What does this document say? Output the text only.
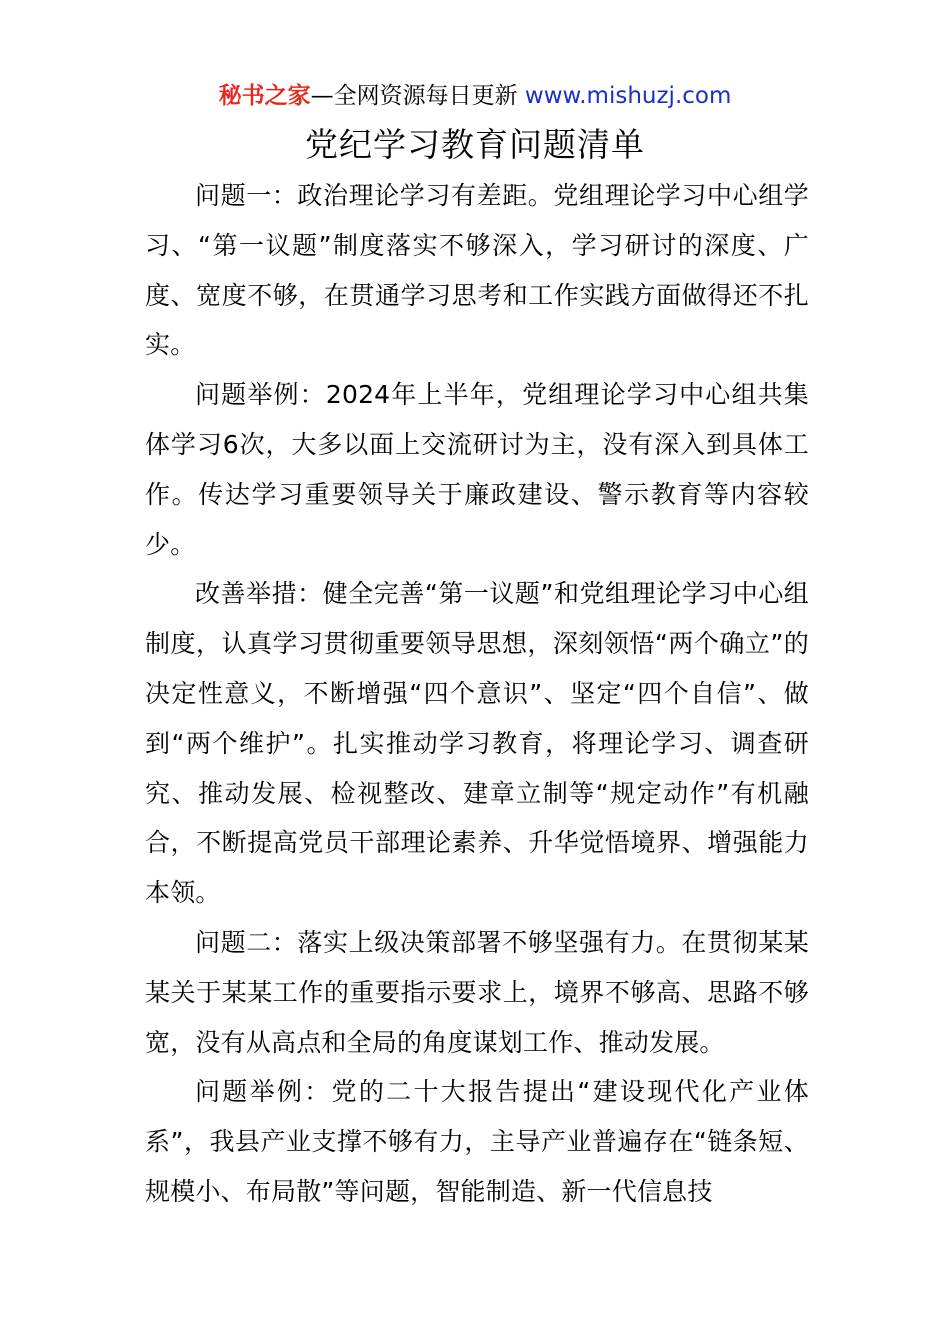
秘书之家—全网资源每日更新 www.mishuzj.com
党纪学习教育问题清单

问题一：政治理论学习有差距。党组理论学习中心组学习、“第一议题”制度落实不够深入，学习研讨的深度、广度、宽度不够，在贯通学习思考和工作实践方面做得还不扎实。

问题举例：2024年上半年，党组理论学习中心组共集体学习6次，大多以面上交流研讨为主，没有深入到具体工作。传达学习重要领导关于廉政建设、警示教育等内容较少。

改善举措：健全完善“第一议题”和党组理论学习中心组制度，认真学习贯彻重要领导思想，深刻领悟“两个确立”的决定性意义，不断增强“四个意识”、坚定“四个自信”、做到“两个维护”。扎实推动学习教育，将理论学习、调查研究、推动发展、检视整改、建章立制等“规定动作”有机融合，不断提高党员干部理论素养、升华觉悟境界、增强能力本领。

问题二：落实上级决策部署不够坚强有力。在贯彻某某某关于某某工作的重要指示要求上，境界不够高、思路不够宽，没有从高点和全局的角度谋划工作、推动发展。

问题举例：党的二十大报告提出“建设现代化产业体系”，我县产业支撑不够有力，主导产业普遍存在“链条短、规模小、布局散”等问题，智能制造、新一代信息技
